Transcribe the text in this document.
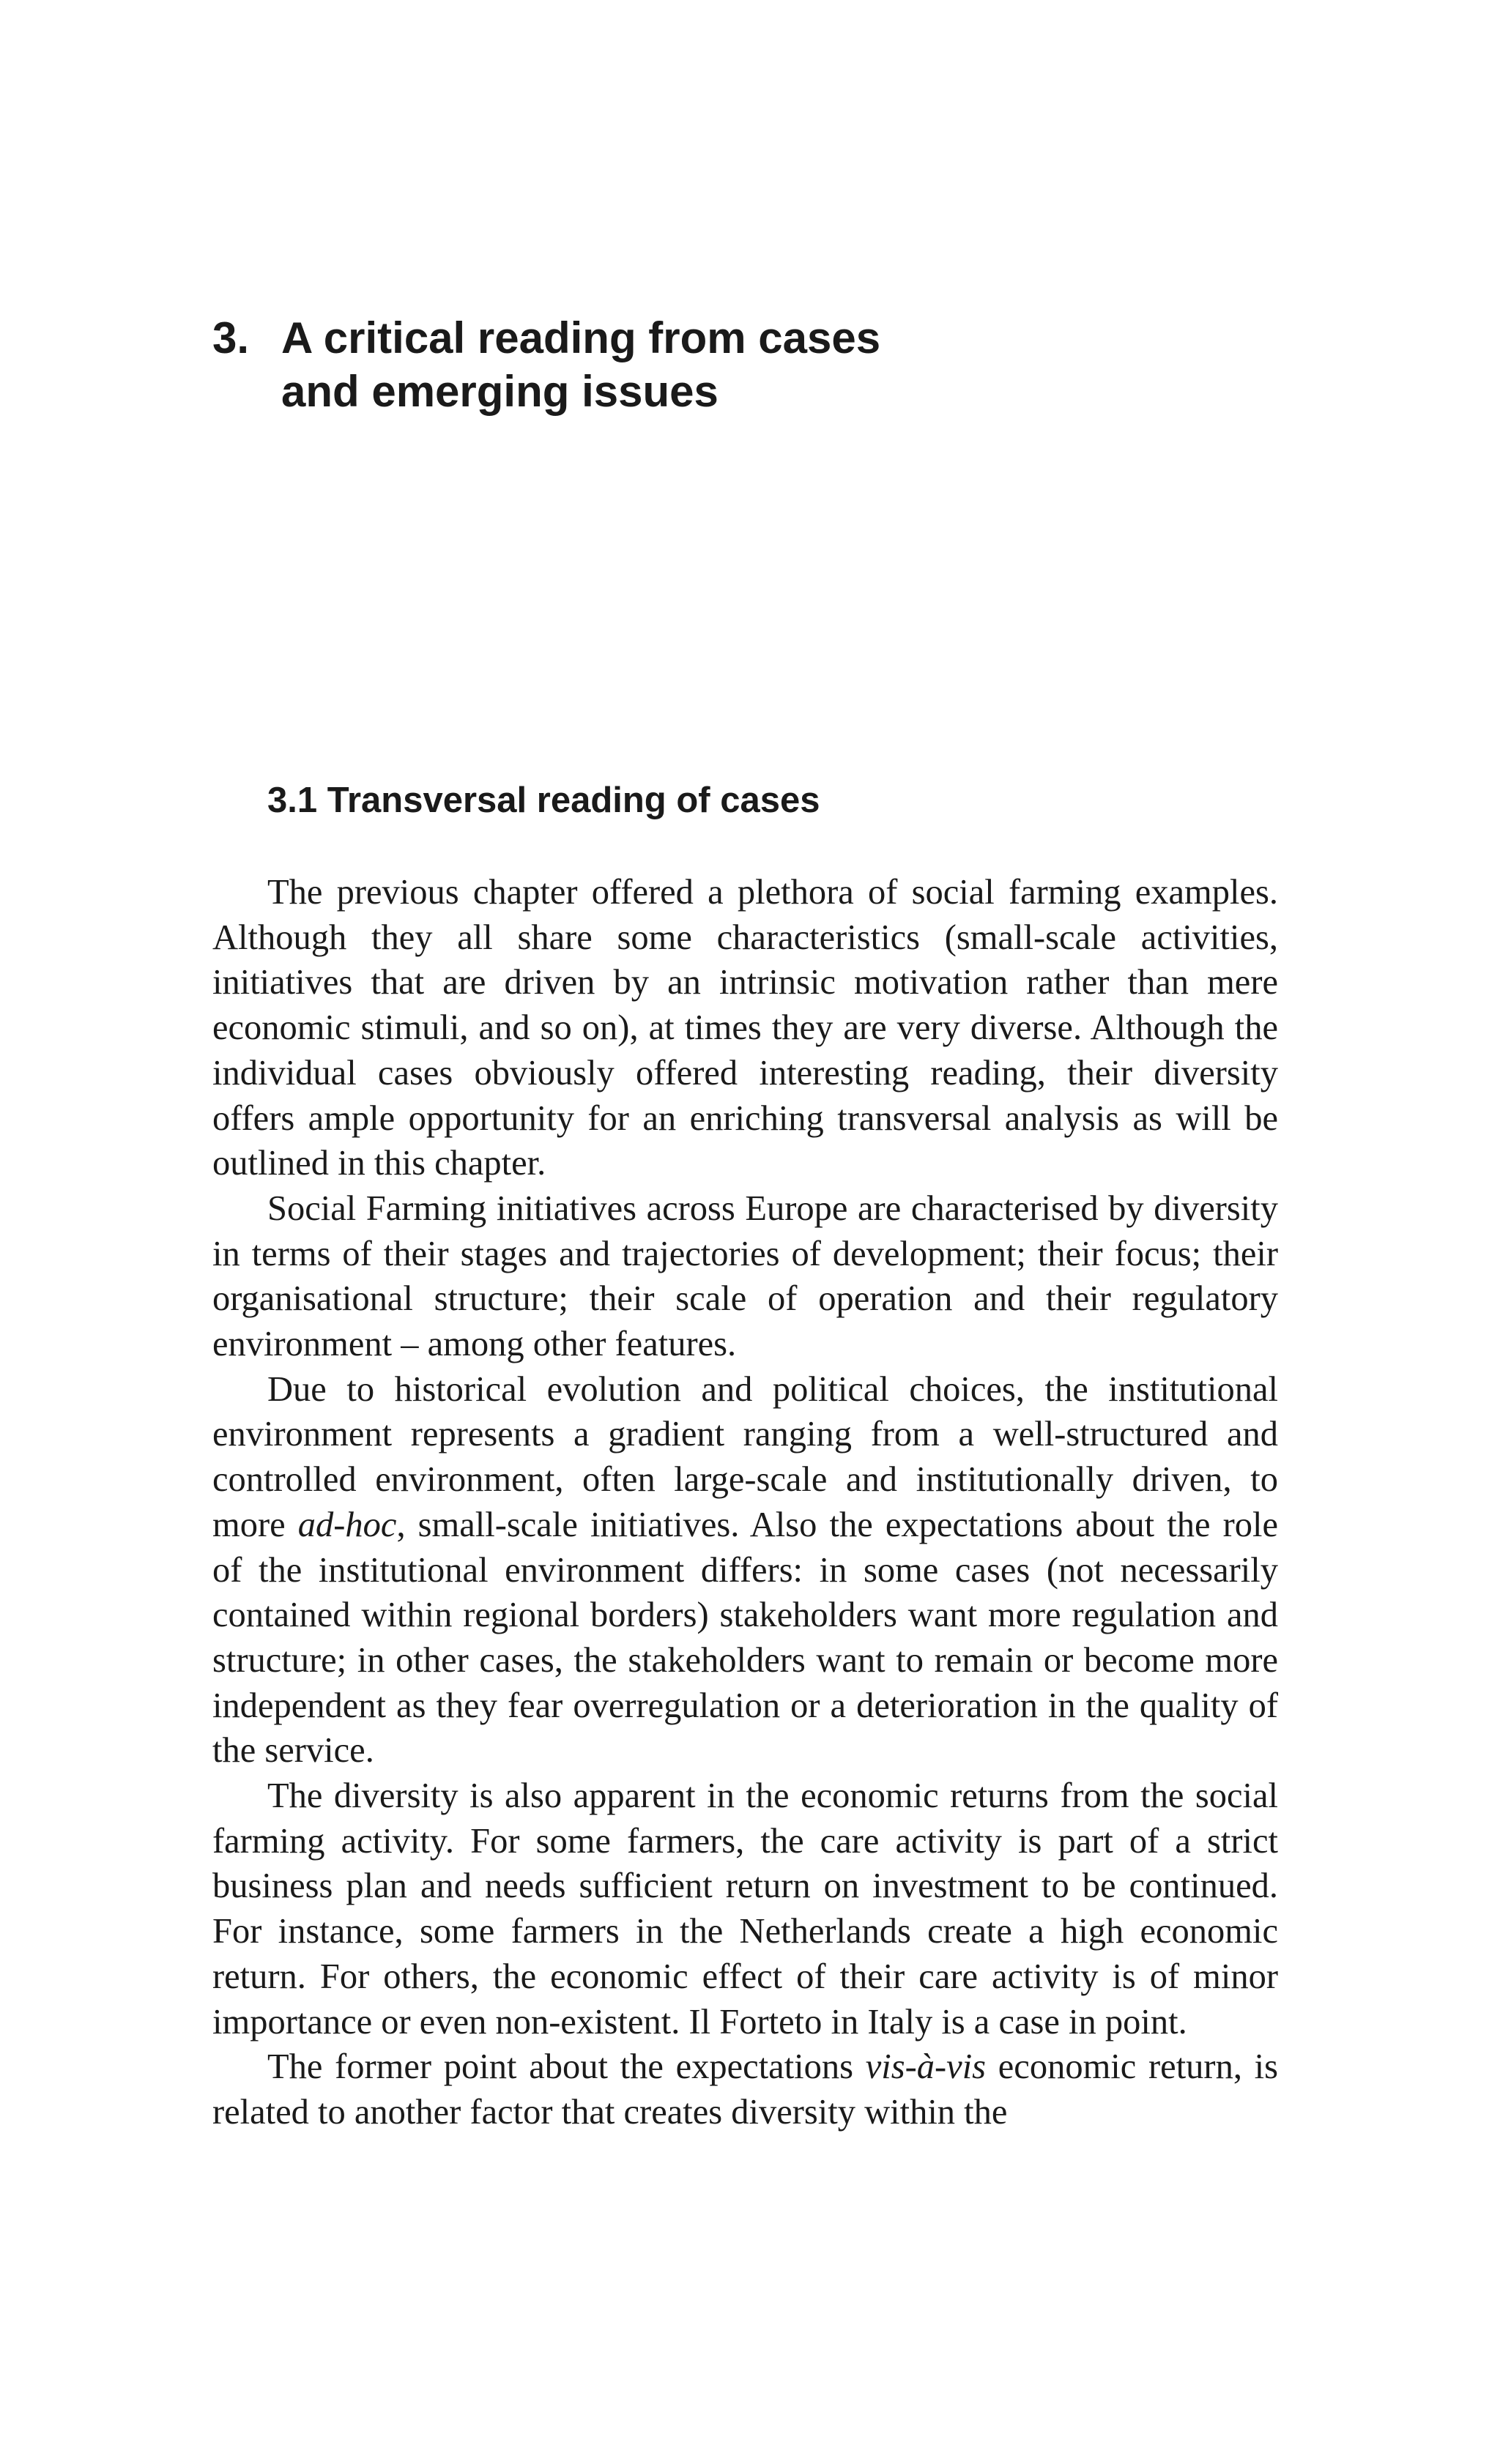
3. A critical reading from cases
and emerging issues
3.1 Transversal reading of cases

The previous chapter offered a plethora of social farming examples. Although they all share some characteristics (small-scale activities, initiatives that are driven by an intrinsic motivation rather than mere economic stimuli, and so on), at times they are very diverse. Although the individual cases obviously offered interesting reading, their diversity offers ample opportunity for an enriching transversal analysis as will be outlined in this chapter.

Social Farming initiatives across Europe are characterised by diversity in terms of their stages and trajectories of development; their focus; their organisational structure; their scale of operation and their regulatory environment – among other features.

Due to historical evolution and political choices, the institutional environment represents a gradient ranging from a well-structured and controlled environment, often large-scale and institutionally driven, to more ad-hoc, small-scale initiatives. Also the expectations about the role of the institutional environment differs: in some cases (not necessarily contained within regional borders) stakeholders want more regulation and structure; in other cases, the stakeholders want to remain or become more independent as they fear overregulation or a deterioration in the quality of the service.

The diversity is also apparent in the economic returns from the social farming activity. For some farmers, the care activity is part of a strict business plan and needs sufficient return on investment to be continued. For instance, some farmers in the Netherlands create a high economic return. For others, the economic effect of their care activity is of minor importance or even non-existent. Il Forteto in Italy is a case in point.

The former point about the expectations vis-à-vis economic return, is related to another factor that creates diversity within the
